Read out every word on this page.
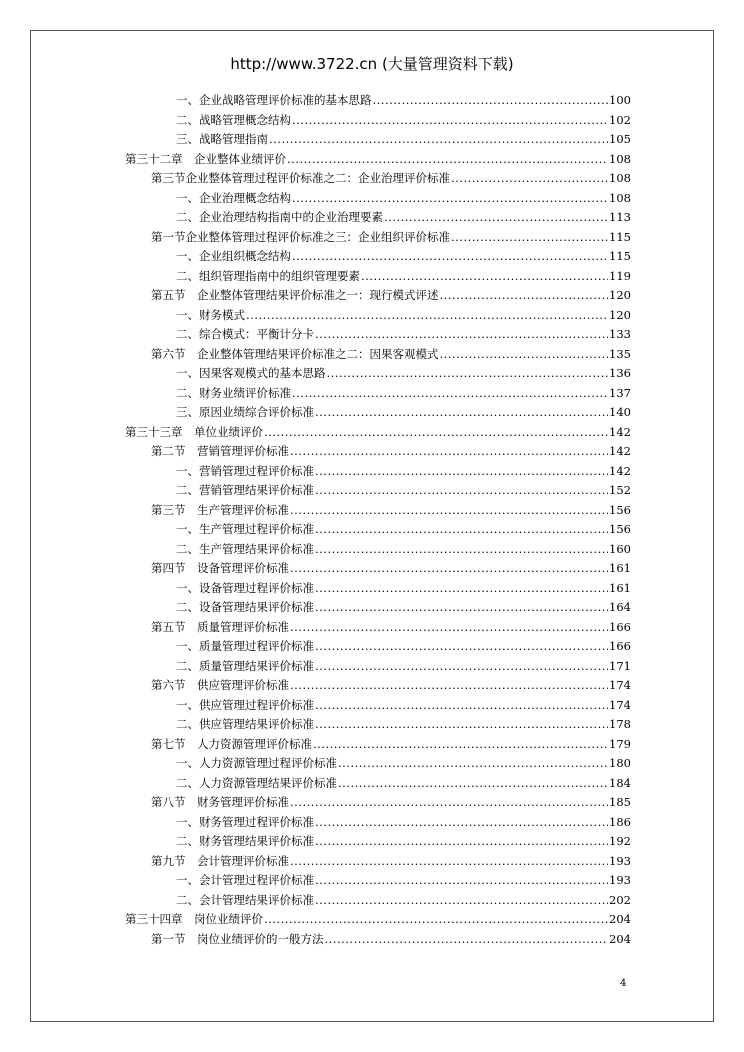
http://www.3722.cn (大量管理资料下载)
一、企业战略管理评价标准的基本思路 .....	100
二、战略管理概念结构 .....	102
三、战略管理指南 .....	105
第三十二章　企业整体业绩评价 .....	108
第三节企业整体管理过程评价标准之二：企业治理评价标准 .....	108
一、企业治理概念结构 .....	108
二、企业治理结构指南中的企业治理要素 .....	113
第一节企业整体管理过程评价标准之三：企业组织评价标准 .....	115
一、企业组织概念结构 .....	115
二、组织管理指南中的组织管理要素 .....	119
第五节　企业整体管理结果评价标准之一：现行模式评述 .....	120
一、财务模式 .....	120
二、综合模式：平衡计分卡 .....	133
第六节　企业整体管理结果评价标准之二：因果客观模式 .....	135
一、因果客观模式的基本思路 .....	136
二、财务业绩评价标准 .....	137
三、原因业绩综合评价标准 .....	140
第三十三章　单位业绩评价 .....	142
第二节　营销管理评价标准 .....	142
一、营销管理过程评价标准 .....	142
二、营销管理结果评价标准 .....	152
第三节　生产管理评价标准 .....	156
一、生产管理过程评价标准 .....	156
二、生产管理结果评价标准 .....	160
第四节　设备管理评价标准 .....	161
一、设备管理过程评价标准 .....	161
二、设备管理结果评价标准 .....	164
第五节　质量管理评价标准 .....	166
一、质量管理过程评价标准 .....	166
二、质量管理结果评价标准 .....	171
第六节　供应管理评价标准 .....	174
一、供应管理过程评价标准 .....	174
二、供应管理结果评价标准 .....	178
第七节　人力资源管理评价标准 .....	179
一、人力资源管理过程评价标准 .....	180
二、人力资源管理结果评价标准 .....	184
第八节　财务管理评价标准 .....	185
一、财务管理过程评价标准 .....	186
二、财务管理结果评价标准 .....	192
第九节　会计管理评价标准 .....	193
一、会计管理过程评价标准 .....	193
二、会计管理结果评价标准 .....	202
第三十四章　岗位业绩评价 .....	204
第一节　岗位业绩评价的一般方法 .....	204
4
